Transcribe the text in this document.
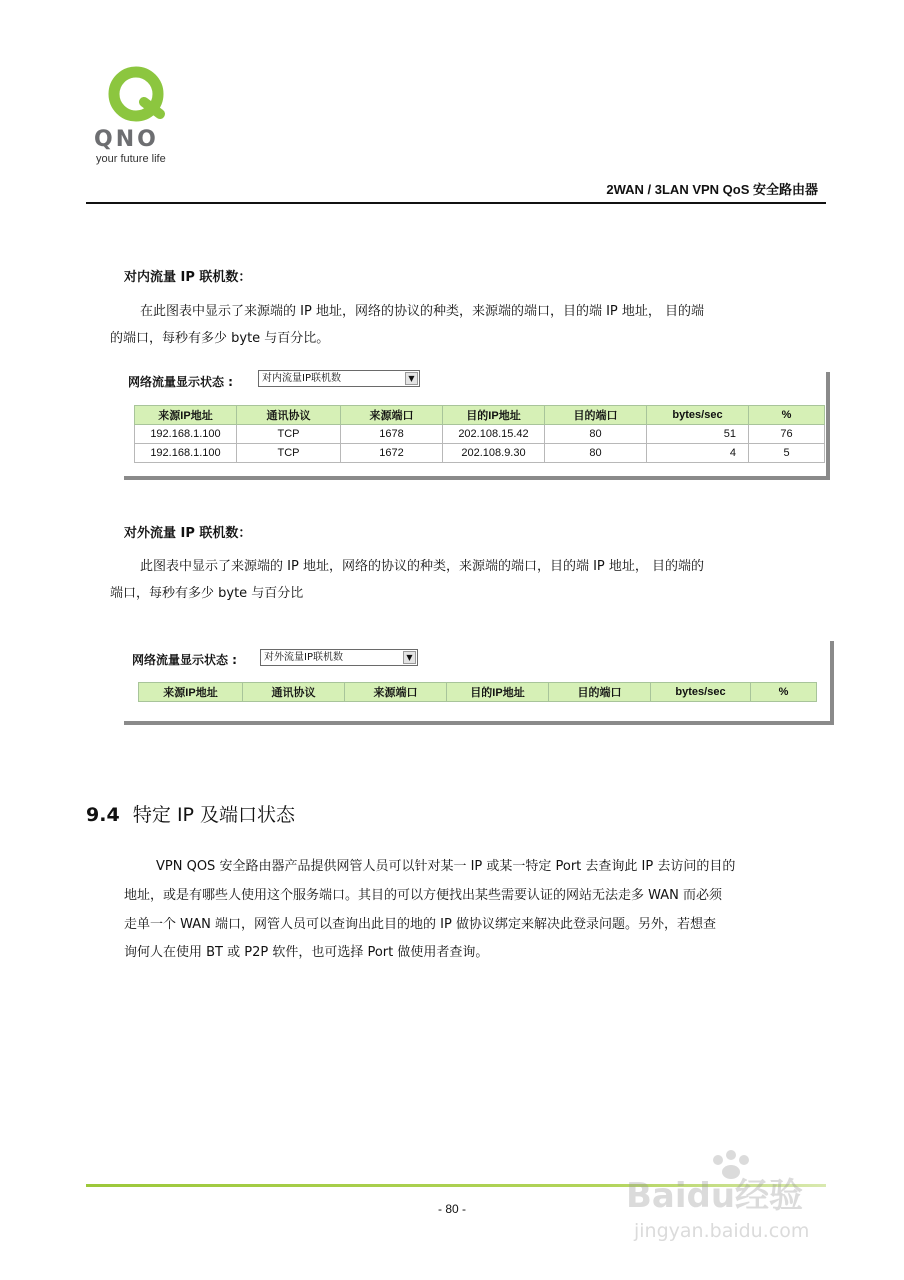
QNO
your future life
2WAN / 3LAN VPN QoS 安全路由器
对内流量 IP 联机数：
在此图表中显示了来源端的 IP 地址，网络的协议的种类，来源端的端口，目的端 IP 地址， 目的端
的端口，每秒有多少 byte 与百分比。
网络流量显示状态 :	对内流量IP联机数	▼
来源IP地址	通讯协议	来源端口	目的IP地址	目的端口	bytes/sec	%
192.168.1.100	TCP	1678	202.108.15.42	80	51	76
192.168.1.100	TCP	1672	202.108.9.30	80	4	5
对外流量 IP 联机数：
此图表中显示了来源端的 IP 地址，网络的协议的种类，来源端的端口，目的端 IP 地址， 目的端的
端口，每秒有多少 byte 与百分比
网络流量显示状态 :	对外流量IP联机数	▼
来源IP地址	通讯协议	来源端口	目的IP地址	目的端口	bytes/sec	%
9.4 特定 IP 及端口状态
VPN QOS 安全路由器产品提供网管人员可以针对某一 IP 或某一特定 Port 去查询此 IP 去访问的目的
地址，或是有哪些人使用这个服务端口。其目的可以方便找出某些需要认证的网站无法走多 WAN 而必须
走单一个 WAN 端口，网管人员可以查询出此目的地的 IP 做协议绑定来解决此登录问题。另外，若想查
询何人在使用 BT 或 P2P 软件，也可选择 Port 做使用者查询。
- 80 -	Baidu经验
jingyan.baidu.com
